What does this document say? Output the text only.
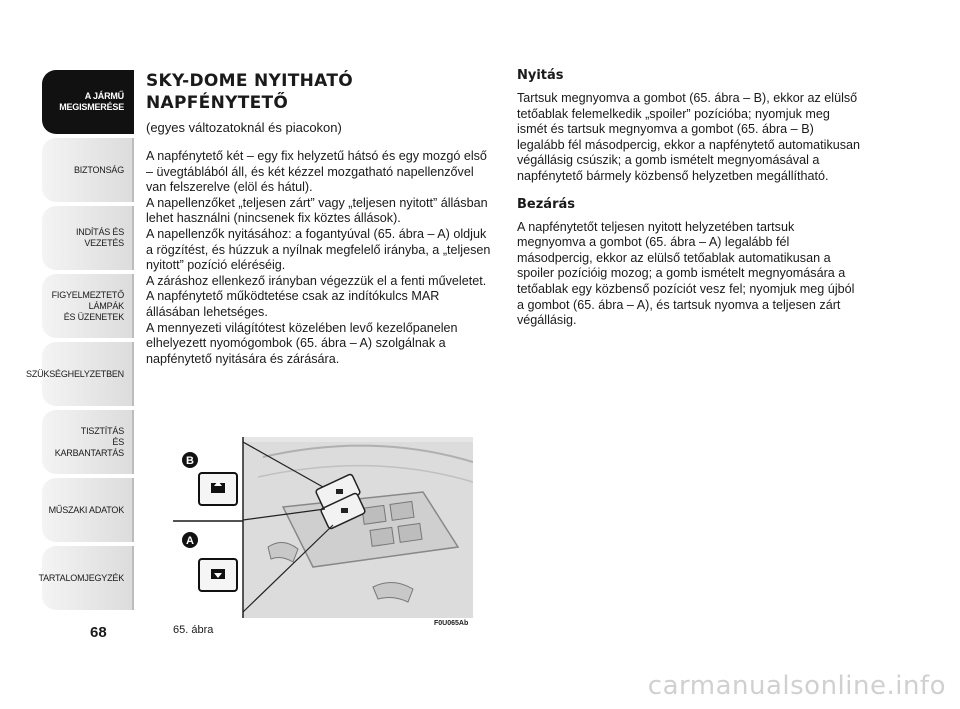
A JÁRMŰ
MEGISMERÉSE
BIZTONSÁG
INDÍTÁS ÉS VEZETÉS
FIGYELMEZTETŐ
LÁMPÁK
ÉS ÜZENETEK
SZÜKSÉGHELYZETBEN
TISZTÍTÁS
ÉS KARBANTARTÁS
MŰSZAKI ADATOK
TARTALOMJEGYZÉK
68
SKY-DOME NYITHATÓ
NAPFÉNYTETŐ

(egyes változatoknál és piacokon)

A napfénytető két – egy fix helyzetű hátsó és egy mozgó első – üvegtáblából áll, és két kézzel mozgatható napellenzővel van felszerelve (elöl és hátul).
A napellenzőket „teljesen zárt” vagy „teljesen nyitott” állásban lehet használni (nincsenek fix köztes állások).
A napellenzők nyitásához: a fogantyúval (65. ábra – A) oldjuk a rögzítést, és húzzuk a nyílnak megfelelő irányba, a „teljesen nyitott” pozíció eléréséig.
A záráshoz ellenkező irányban végezzük el a fenti műveletet. A napfénytető működtetése csak az indítókulcs MAR állásában lehetséges.
A mennyezeti világítótest közelében levő kezelőpanelen elhelyezett nyomógombok (65. ábra – A) szolgálnak a napfénytető nyitására és zárására.

Nyitás

Tartsuk megnyomva a gombot (65. ábra – B), ekkor az elülső tetőablak felemelkedik „spoiler” pozícióba; nyomjuk meg ismét és tartsuk megnyomva a gombot (65. ábra – B) legalább fél másodpercig, ekkor a napfénytető automatikusan végállásig csúszik; a gomb ismételt megnyomásával a napfénytető bármely közbenső helyzetben megállítható.

Bezárás

A napfénytetőt teljesen nyitott helyzetében tartsuk megnyomva a gombot (65. ábra – A) legalább fél másodpercig, ekkor az elülső tetőablak automatikusan a spoiler pozícióig mozog; a gomb ismételt megnyomására a tetőablak egy közbenső pozíciót vesz fel; nyomjuk meg újból a gombot (65. ábra – A), és tartsuk nyomva a teljesen zárt végállásig.

B
A
65. ábra
F0U065Ab
carmanualsonline.info
